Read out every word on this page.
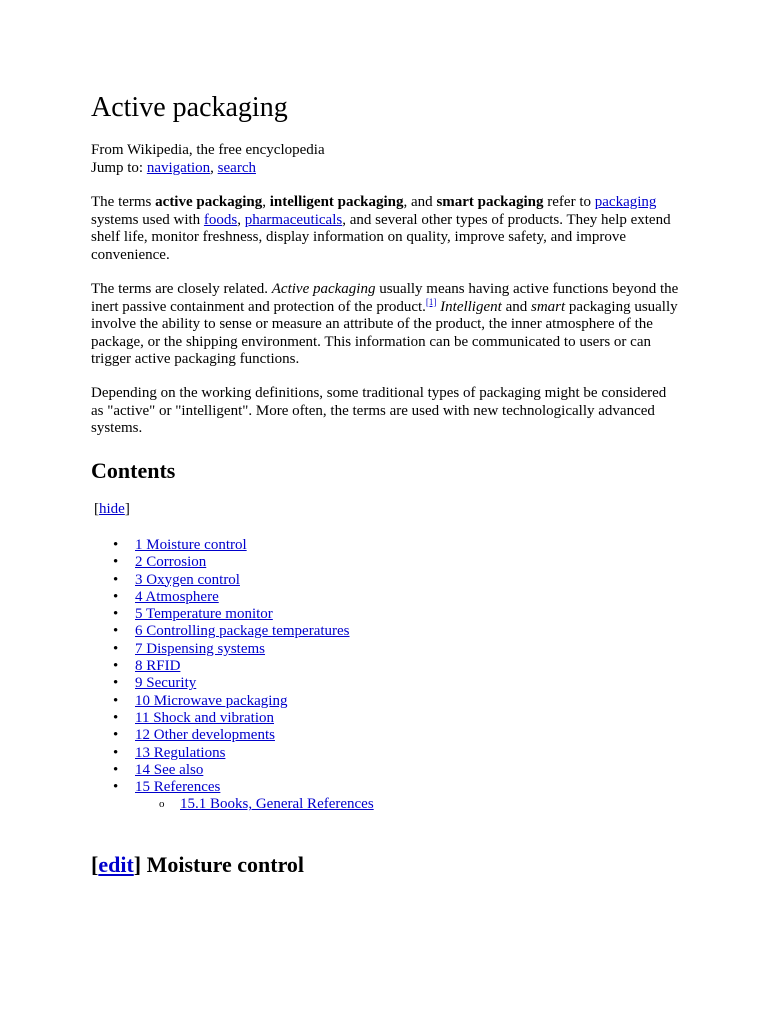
Active packaging
From Wikipedia, the free encyclopedia
Jump to: navigation, search

The terms active packaging, intelligent packaging, and smart packaging refer to packaging systems used with foods, pharmaceuticals, and several other types of products. They help extend shelf life, monitor freshness, display information on quality, improve safety, and improve convenience.

The terms are closely related. Active packaging usually means having active functions beyond the inert passive containment and protection of the product.[1] Intelligent and smart packaging usually involve the ability to sense or measure an attribute of the product, the inner atmosphere of the package, or the shipping environment. This information can be communicated to users or can trigger active packaging functions.

Depending on the working definitions, some traditional types of packaging might be considered as "active" or "intelligent". More often, the terms are used with new technologically advanced systems.

Contents
[hide]
• 1 Moisture control
• 2 Corrosion
• 3 Oxygen control
• 4 Atmosphere
• 5 Temperature monitor
• 6 Controlling package temperatures
• 7 Dispensing systems
• 8 RFID
• 9 Security
• 10 Microwave packaging
• 11 Shock and vibration
• 12 Other developments
• 13 Regulations
• 14 See also
• 15 References
o 15.1 Books, General References
[edit] Moisture control
